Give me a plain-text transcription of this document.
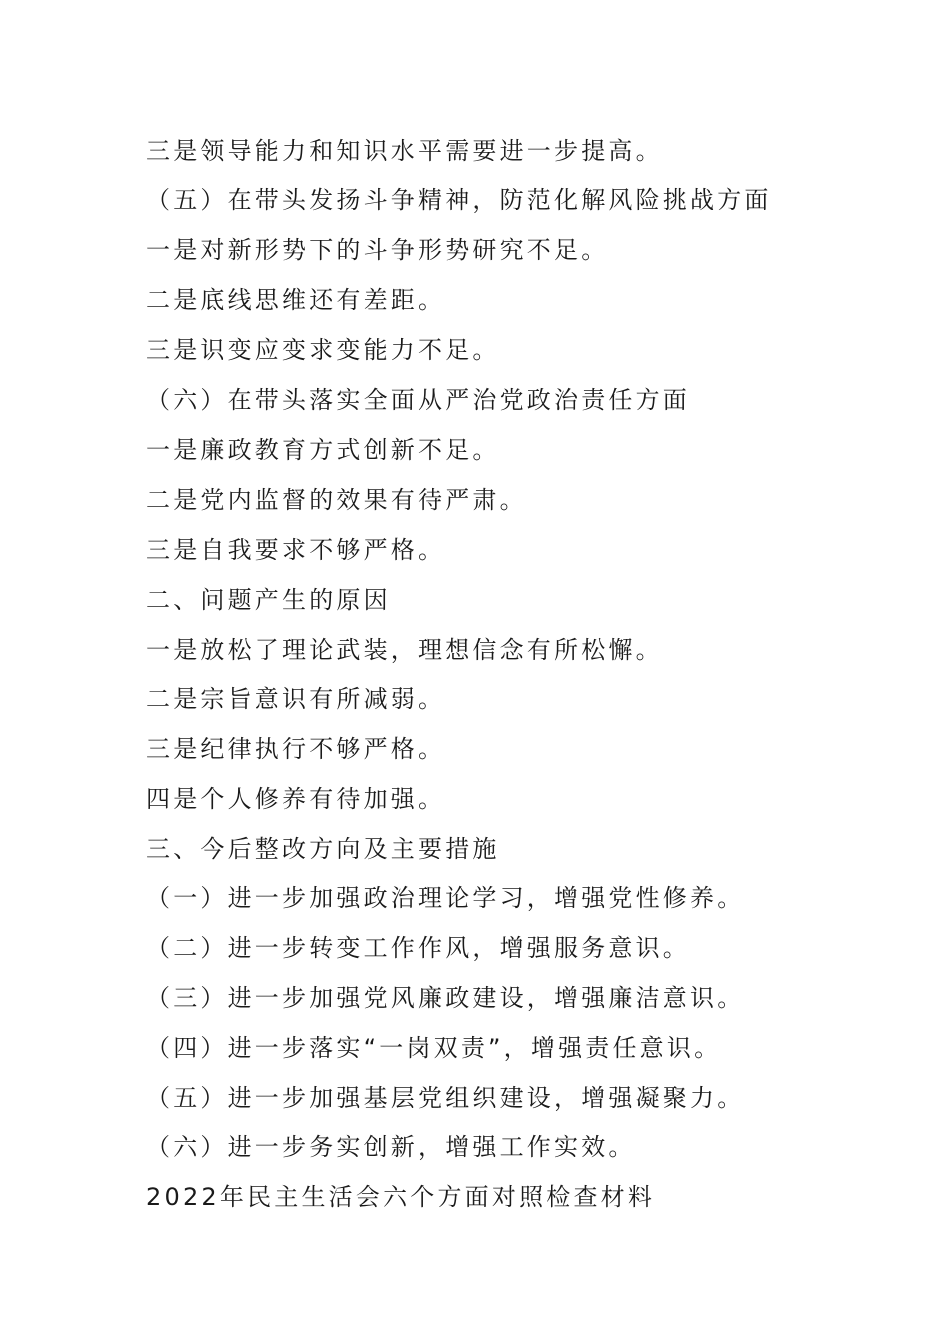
三是领导能力和知识水平需要进一步提高。
（五）在带头发扬斗争精神，防范化解风险挑战方面
一是对新形势下的斗争形势研究不足。
二是底线思维还有差距。
三是识变应变求变能力不足。
（六）在带头落实全面从严治党政治责任方面
一是廉政教育方式创新不足。
二是党内监督的效果有待严肃。
三是自我要求不够严格。
二、问题产生的原因
一是放松了理论武装，理想信念有所松懈。
二是宗旨意识有所减弱。
三是纪律执行不够严格。
四是个人修养有待加强。
三、今后整改方向及主要措施
（一）进一步加强政治理论学习，增强党性修养。
（二）进一步转变工作作风，增强服务意识。
（三）进一步加强党风廉政建设，增强廉洁意识。
（四）进一步落实“一岗双责”，增强责任意识。
（五）进一步加强基层党组织建设，增强凝聚力。
（六）进一步务实创新，增强工作实效。
2022年民主生活会六个方面对照检查材料
